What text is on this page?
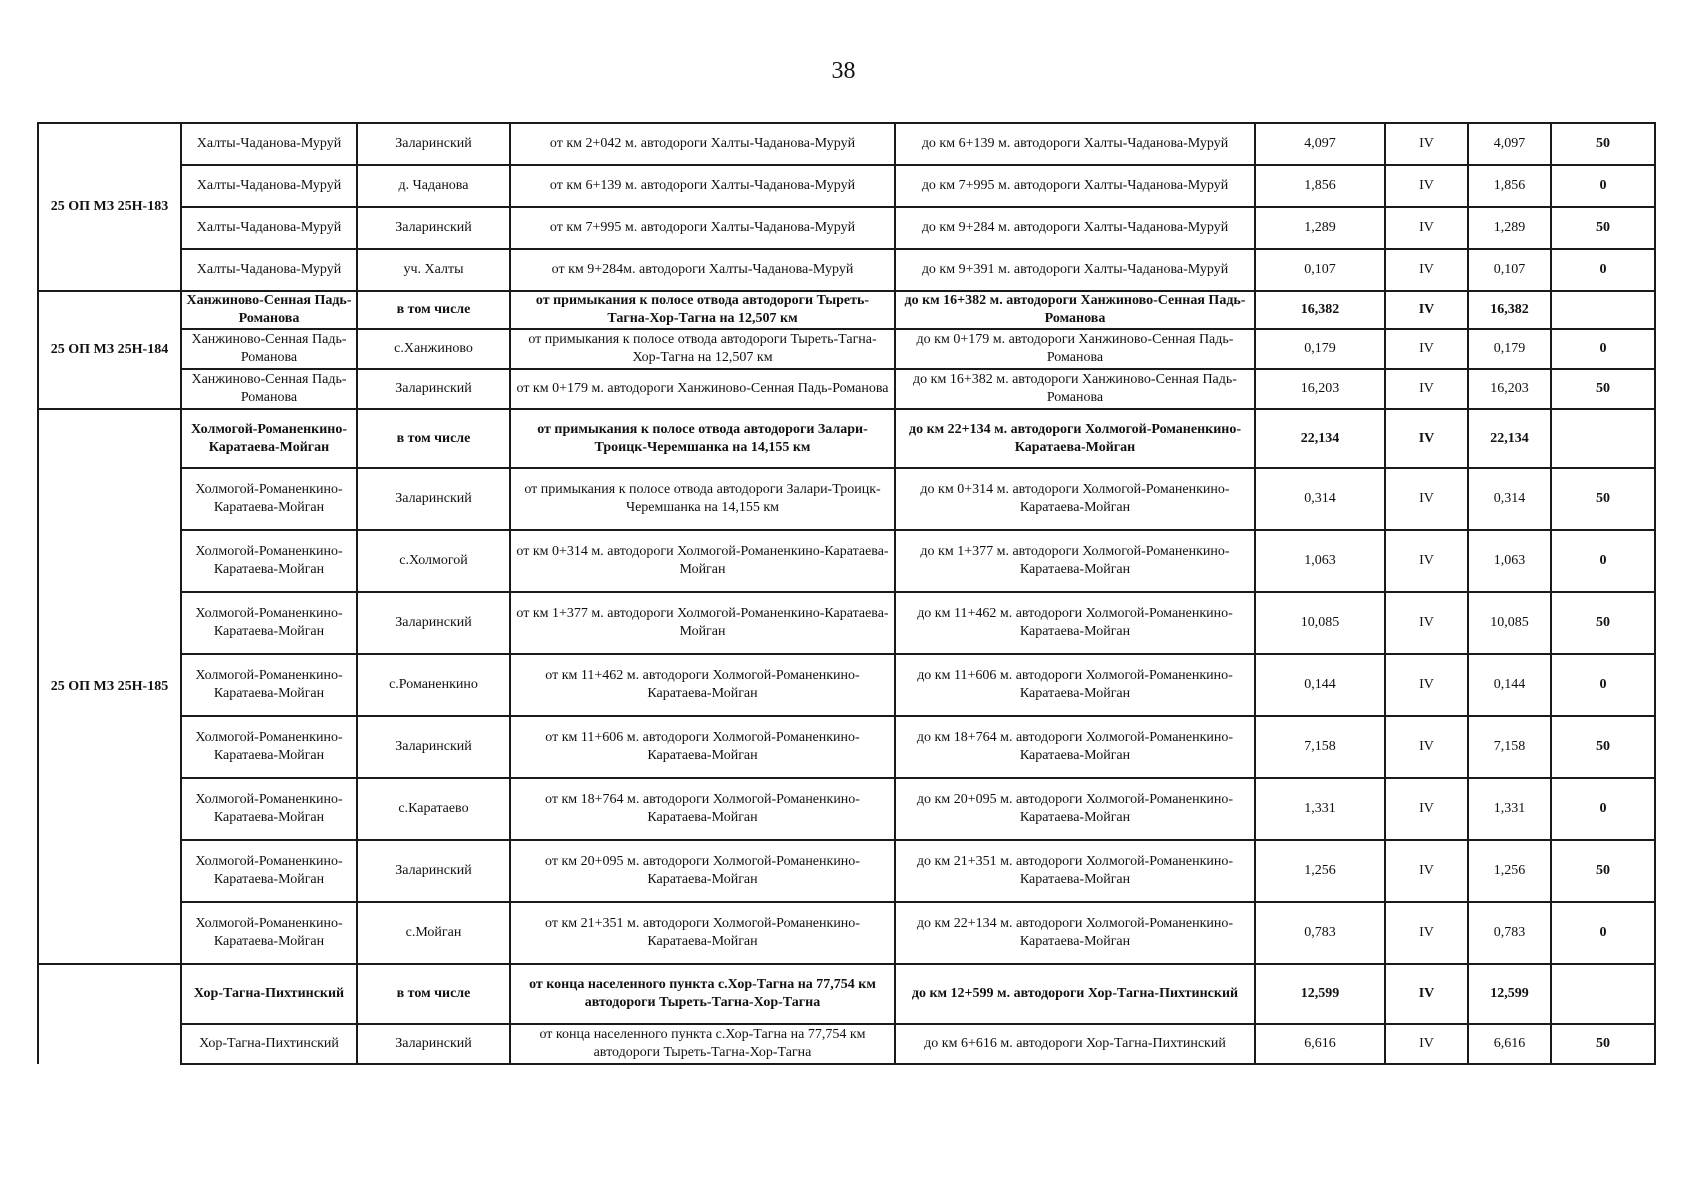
38
25 ОП МЗ 25Н-183	Халты-Чаданова-Муруй	Заларинский	от км 2+042 м. автодороги Халты-Чаданова-Муруй	до км 6+139 м. автодороги Халты-Чаданова-Муруй	4,097	IV	4,097	50
	Халты-Чаданова-Муруй	д. Чаданова	от км 6+139 м. автодороги Халты-Чаданова-Муруй	до км 7+995 м. автодороги Халты-Чаданова-Муруй	1,856	IV	1,856	0
	Халты-Чаданова-Муруй	Заларинский	от км 7+995 м. автодороги Халты-Чаданова-Муруй	до км 9+284 м. автодороги Халты-Чаданова-Муруй	1,289	IV	1,289	50
	Халты-Чаданова-Муруй	уч. Халты	от км 9+284м. автодороги Халты-Чаданова-Муруй	до км 9+391 м. автодороги Халты-Чаданова-Муруй	0,107	IV	0,107	0
25 ОП МЗ 25Н-184	Ханжиново-Сенная Падь-Романова	в том числе	от примыкания к полосе отвода автодороги Тыреть-Тагна-Хор-Тагна на 12,507 км	до км 16+382 м. автодороги Ханжиново-Сенная Падь-Романова	16,382	IV	16,382	
	Ханжиново-Сенная Падь-Романова	с.Ханжиново	от примыкания к полосе отвода автодороги Тыреть-Тагна-Хор-Тагна на 12,507 км	до км 0+179 м. автодороги Ханжиново-Сенная Падь-Романова	0,179	IV	0,179	0
	Ханжиново-Сенная Падь-Романова	Заларинский	от км 0+179 м. автодороги Ханжиново-Сенная Падь-Романова	до км 16+382 м. автодороги Ханжиново-Сенная Падь-Романова	16,203	IV	16,203	50
25 ОП МЗ 25Н-185	Холмогой-Романенкино-Каратаева-Мойган	в том числе	от примыкания к полосе отвода автодороги Залари-Троицк-Черемшанка на 14,155 км	до км 22+134 м. автодороги Холмогой-Романенкино-Каратаева-Мойган	22,134	IV	22,134	
	Холмогой-Романенкино-Каратаева-Мойган	Заларинский	от примыкания к полосе отвода автодороги Залари-Троицк-Черемшанка на 14,155 км	до км 0+314 м. автодороги Холмогой-Романенкино-Каратаева-Мойган	0,314	IV	0,314	50
	Холмогой-Романенкино-Каратаева-Мойган	с.Холмогой	от км 0+314 м. автодороги Холмогой-Романенкино-Каратаева-Мойган	до км 1+377 м. автодороги Холмогой-Романенкино-Каратаева-Мойган	1,063	IV	1,063	0
	Холмогой-Романенкино-Каратаева-Мойган	Заларинский	от км 1+377 м. автодороги Холмогой-Романенкино-Каратаева-Мойган	до км 11+462 м. автодороги Холмогой-Романенкино-Каратаева-Мойган	10,085	IV	10,085	50
	Холмогой-Романенкино-Каратаева-Мойган	с.Романенкино	от км 11+462 м. автодороги Холмогой-Романенкино-Каратаева-Мойган	до км 11+606 м. автодороги Холмогой-Романенкино-Каратаева-Мойган	0,144	IV	0,144	0
	Холмогой-Романенкино-Каратаева-Мойган	Заларинский	от км 11+606 м. автодороги Холмогой-Романенкино-Каратаева-Мойган	до км 18+764 м. автодороги Холмогой-Романенкино-Каратаева-Мойган	7,158	IV	7,158	50
	Холмогой-Романенкино-Каратаева-Мойган	с.Каратаево	от км 18+764 м. автодороги Холмогой-Романенкино-Каратаева-Мойган	до км 20+095 м. автодороги Холмогой-Романенкино-Каратаева-Мойган	1,331	IV	1,331	0
	Холмогой-Романенкино-Каратаева-Мойган	Заларинский	от км 20+095 м. автодороги Холмогой-Романенкино-Каратаева-Мойган	до км 21+351 м. автодороги Холмогой-Романенкино-Каратаева-Мойган	1,256	IV	1,256	50
	Холмогой-Романенкино-Каратаева-Мойган	с.Мойган	от км 21+351 м. автодороги Холмогой-Романенкино-Каратаева-Мойган	до км 22+134 м. автодороги Холмогой-Романенкино-Каратаева-Мойган	0,783	IV	0,783	0
	Хор-Тагна-Пихтинский	в том числе	от конца населенного пункта с.Хор-Тагна на 77,754 км автодороги Тыреть-Тагна-Хор-Тагна	до км 12+599 м. автодороги Хор-Тагна-Пихтинский	12,599	IV	12,599	
	Хор-Тагна-Пихтинский	Заларинский	от конца населенного пункта с.Хор-Тагна на 77,754 км автодороги Тыреть-Тагна-Хор-Тагна	до км 6+616 м. автодороги Хор-Тагна-Пихтинский	6,616	IV	6,616	50
